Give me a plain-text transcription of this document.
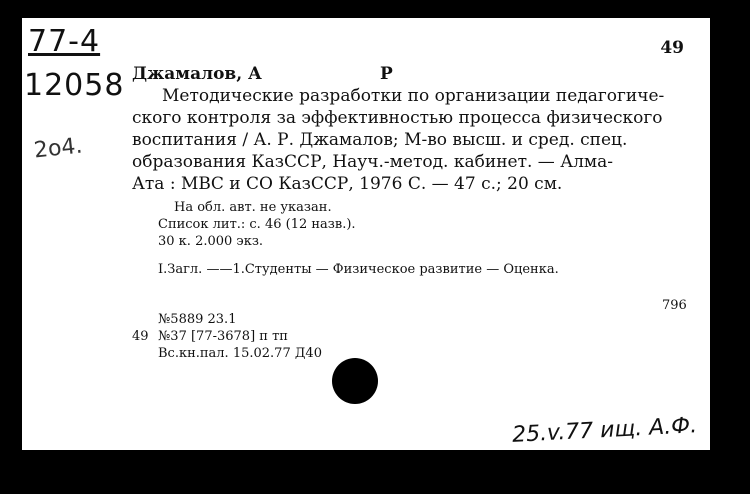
77-4
12058
2о4.
49
Джамалов, А	Р
Методические разработки по организации педагогиче-
ского контроля за эффективностью процесса физического
воспитания / А. Р. Джамалов; М-во высш. и сред. спец.
образования КазССР, Науч.-метод. кабинет. — Алма-
Ата : МВС и СО КазССР, 1976 С. — 47 с.; 20 см.
На обл. авт. не указан.
Список лит.: с. 46 (12 назв.).
30 к. 2.000 экз.
I.Загл. ——1.Студенты — Физическое развитие — Оценка.
796
№5889 23.1
49 №37 [77-3678] п тп
Вс.кн.пал. 15.02.77 Д40
25.v.77 ищ. А.Ф.
